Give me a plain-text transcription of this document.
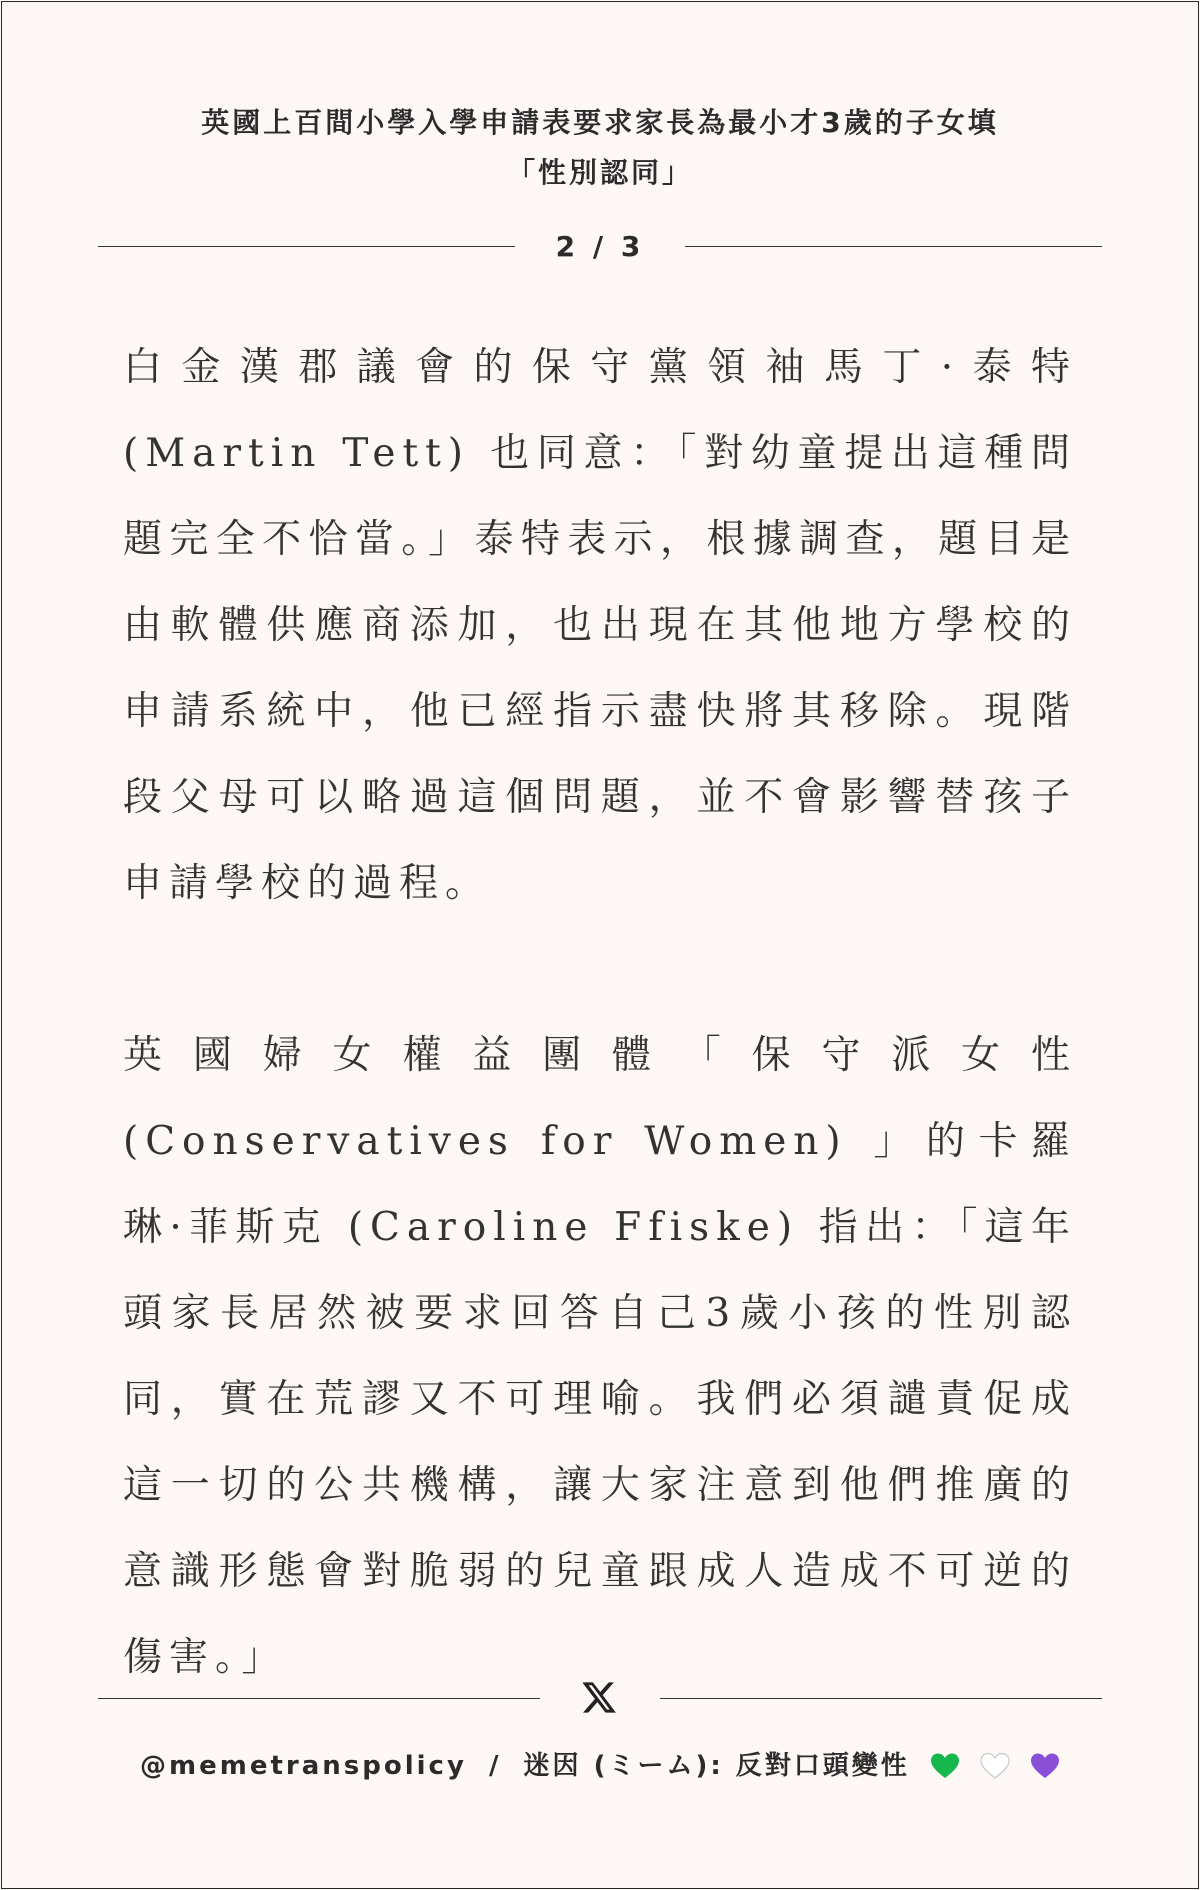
英國上百間小學入學申請表要求家長為最小才3歲的子女填
「性別認同」
2 / 3

白金漢郡議會的保守黨領袖馬丁·泰特 (Martin Tett) 也同意：「對幼童提出這種問題完全不恰當。」泰特表示，根據調查，題目是由軟體供應商添加，也出現在其他地方學校的申請系統中，他已經指示盡快將其移除。現階段父母可以略過這個問題，並不會影響替孩子申請學校的過程。

英國婦女權益團體「保守派女性 (Conservatives for Women) 」的卡羅琳·菲斯克 (Caroline Ffiske) 指出：「這年頭家長居然被要求回答自己3歲小孩的性別認同，實在荒謬又不可理喻。我們必須譴責促成這一切的公共機構，讓大家注意到他們推廣的意識形態會對脆弱的兒童跟成人造成不可逆的傷害。」

@memetranspolicy / 迷因 (ミーム): 反對口頭變性
